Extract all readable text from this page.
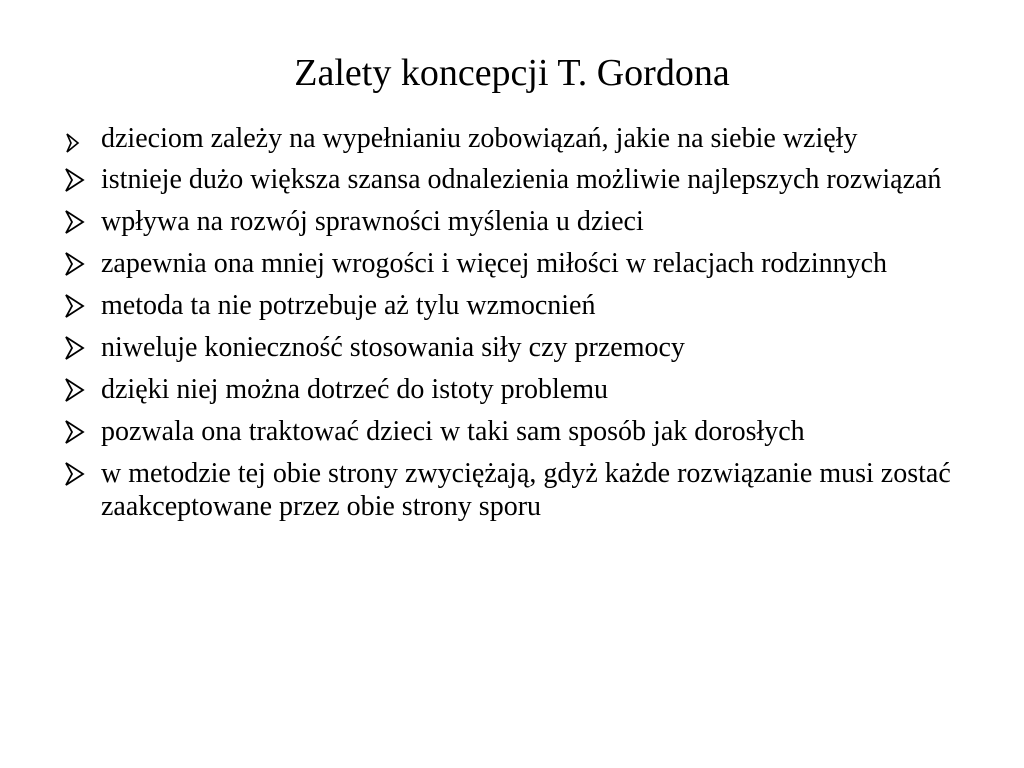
Zalety koncepcji T. Gordona
dzieciom zależy na wypełnianiu zobowiązań, jakie na siebie wzięły
istnieje dużo większa szansa odnalezienia możliwie najlepszych rozwiązań
wpływa na rozwój sprawności myślenia u dzieci
zapewnia ona mniej wrogości i więcej miłości w relacjach rodzinnych
metoda ta nie potrzebuje aż tylu wzmocnień
niweluje konieczność stosowania siły czy przemocy
dzięki niej można dotrzeć do istoty problemu
pozwala ona traktować dzieci w taki sam sposób jak dorosłych
w metodzie tej obie strony zwyciężają, gdyż każde rozwiązanie musi zostać zaakceptowane przez obie strony sporu
